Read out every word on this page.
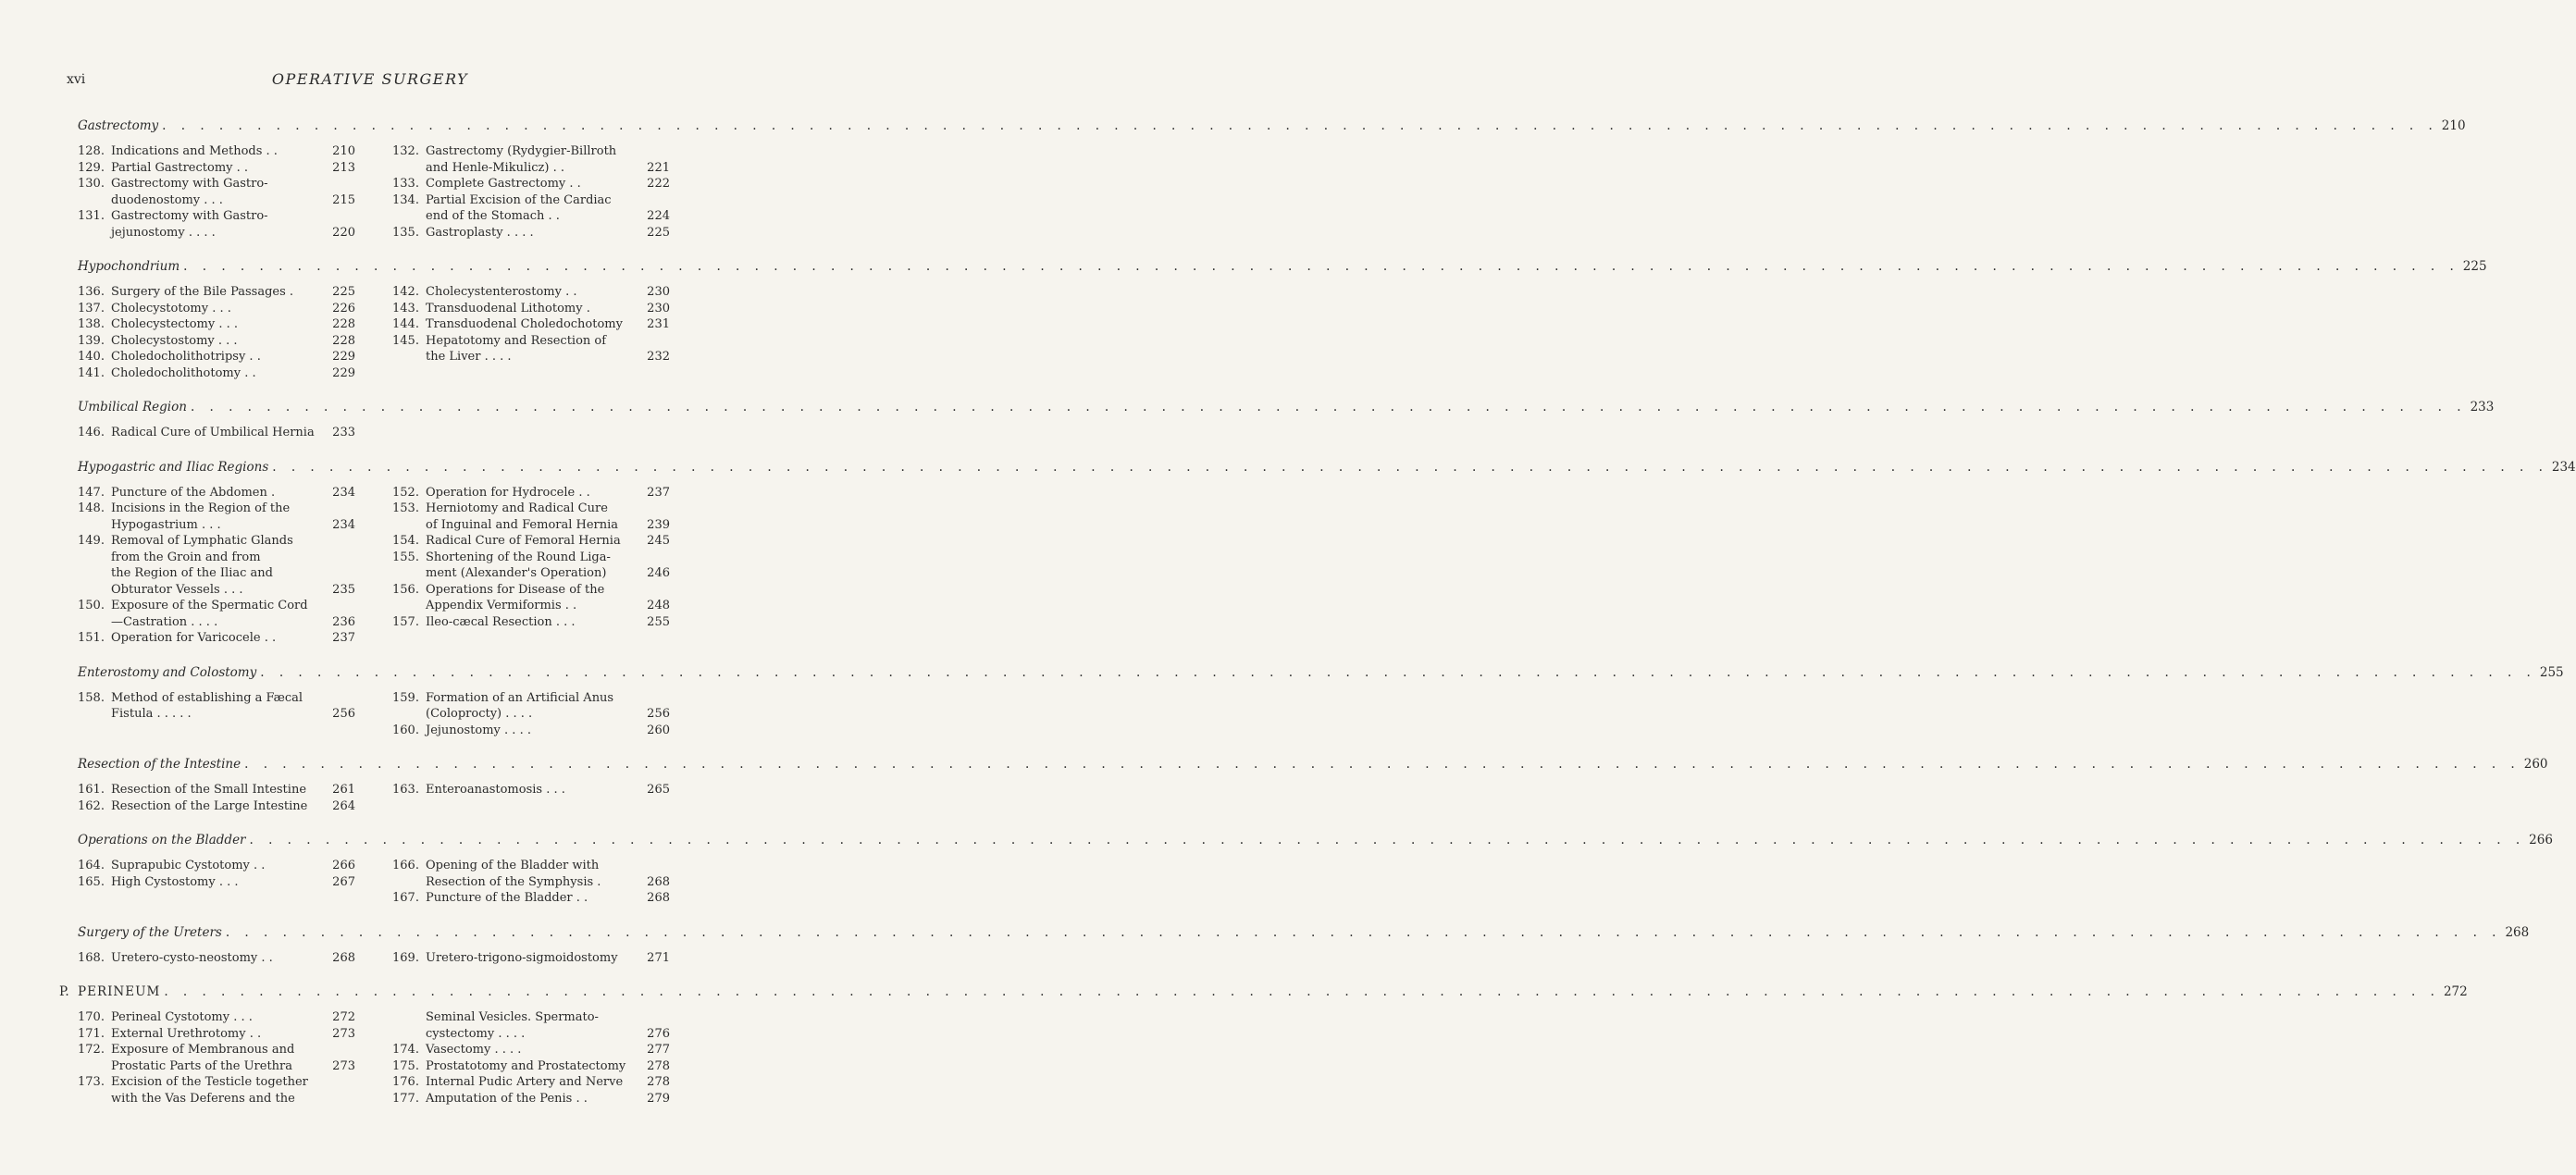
xvi	OPERATIVE SURGERY
Gastrectomy . . . . . . . . . . . . . . . . . . . . . . . . . . . . . . . . . . . . . . . . . . . . . . . . . . . . . . . . . . . . . . . . . . . . . . . . . . . . . . . . . . . . . . . . . . . . . . . . . . . . . . . . . . . . . . . . . . . . . . . . 210
128. Indications and Methods . .	210
129. Partial Gastrectomy . .	213
130. Gastrectomy with Gastro-
duodenostomy . . .	215
131. Gastrectomy with Gastro-
jejunostomy . . . .	220
132. Gastrectomy (Rydygier-Billroth
and Henle-Mikulicz) . .	221
133. Complete Gastrectomy . .	222
134. Partial Excision of the Cardiac
end of the Stomach . .	224
135. Gastroplasty . . . .	225
Hypochondrium . . . . . . . . . . . . . . . . . . . . . . . . . . . . . . . . . . . . . . . . . . . . . . . . . . . . . . . . . . . . . . . . . . . . . . . . . . . . . . . . . . . . . . . . . . . . . . . . . . . . . . . . . . . . . . . . . . . . . . . . 225
136. Surgery of the Bile Passages .	225
137. Cholecystotomy . . .	226
138. Cholecystectomy . . .	228
139. Cholecystostomy . . .	228
140. Choledocholithotripsy . .	229
141. Choledocholithotomy . .	229
142. Cholecystenterostomy . .	230
143. Transduodenal Lithotomy .	230
144. Transduodenal Choledochotomy	231
145. Hepatotomy and Resection of
the Liver . . . .	232
Umbilical Region . . . . . . . . . . . . . . . . . . . . . . . . . . . . . . . . . . . . . . . . . . . . . . . . . . . . . . . . . . . . . . . . . . . . . . . . . . . . . . . . . . . . . . . . . . . . . . . . . . . . . . . . . . . . . . . . . . . . . . . . 233
146. Radical Cure of Umbilical Hernia	233
Hypogastric and Iliac Regions . . . . . . . . . . . . . . . . . . . . . . . . . . . . . . . . . . . . . . . . . . . . . . . . . . . . . . . . . . . . . . . . . . . . . . . . . . . . . . . . . . . . . . . . . . . . . . . . . . . . . . . . . . . . . . . . . . . . . . . . 234
147. Puncture of the Abdomen .	234
148. Incisions in the Region of the
Hypogastrium . . .	234
149. Removal of Lymphatic Glands
from the Groin and from
the Region of the Iliac and
Obturator Vessels . . .	235
150. Exposure of the Spermatic Cord
—Castration . . . .	236
151. Operation for Varicocele . .	237
152. Operation for Hydrocele . .	237
153. Herniotomy and Radical Cure
of Inguinal and Femoral Hernia	239
154. Radical Cure of Femoral Hernia	245
155. Shortening of the Round Liga-
ment (Alexander's Operation)	246
156. Operations for Disease of the
Appendix Vermiformis . .	248
157. Ileo-cæcal Resection . . .	255
Enterostomy and Colostomy . . . . . . . . . . . . . . . . . . . . . . . . . . . . . . . . . . . . . . . . . . . . . . . . . . . . . . . . . . . . . . . . . . . . . . . . . . . . . . . . . . . . . . . . . . . . . . . . . . . . . . . . . . . . . . . . . . . . . . . . 255
158. Method of establishing a Fæcal
Fistula . . . . .	256
159. Formation of an Artificial Anus
(Coloprocty) . . . .	256
160. Jejunostomy . . . .	260
Resection of the Intestine . . . . . . . . . . . . . . . . . . . . . . . . . . . . . . . . . . . . . . . . . . . . . . . . . . . . . . . . . . . . . . . . . . . . . . . . . . . . . . . . . . . . . . . . . . . . . . . . . . . . . . . . . . . . . . . . . . . . . . . . 260
161. Resection of the Small Intestine	261
162. Resection of the Large Intestine	264
163. Enteroanastomosis . . .	265
Operations on the Bladder . . . . . . . . . . . . . . . . . . . . . . . . . . . . . . . . . . . . . . . . . . . . . . . . . . . . . . . . . . . . . . . . . . . . . . . . . . . . . . . . . . . . . . . . . . . . . . . . . . . . . . . . . . . . . . . . . . . . . . . . 266
164. Suprapubic Cystotomy . .	266
165. High Cystostomy . . .	267
166. Opening of the Bladder with
Resection of the Symphysis .	268
167. Puncture of the Bladder . .	268
Surgery of the Ureters . . . . . . . . . . . . . . . . . . . . . . . . . . . . . . . . . . . . . . . . . . . . . . . . . . . . . . . . . . . . . . . . . . . . . . . . . . . . . . . . . . . . . . . . . . . . . . . . . . . . . . . . . . . . . . . . . . . . . . . . 268
168. Uretero-cysto-neostomy . .	268	169. Uretero-trigono-sigmoidostomy	271
P. PERINEUM . . . . . . . . . . . . . . . . . . . . . . . . . . . . . . . . . . . . . . . . . . . . . . . . . . . . . . . . . . . . . . . . . . . . . . . . . . . . . . . . . . . . . . . . . . . . . . . . . . . . . . . . . . . . . . . . . . . . . . . . 272
170. Perineal Cystotomy . . .	272
171. External Urethrotomy . .	273
172. Exposure of Membranous and
Prostatic Parts of the Urethra	273
173. Excision of the Testicle together
with the Vas Deferens and the
Seminal Vesicles. Spermato-
cystectomy . . . .	276
174. Vasectomy . . . .	277
175. Prostatotomy and Prostatectomy	278
176. Internal Pudic Artery and Nerve	278
177. Amputation of the Penis . .	279
